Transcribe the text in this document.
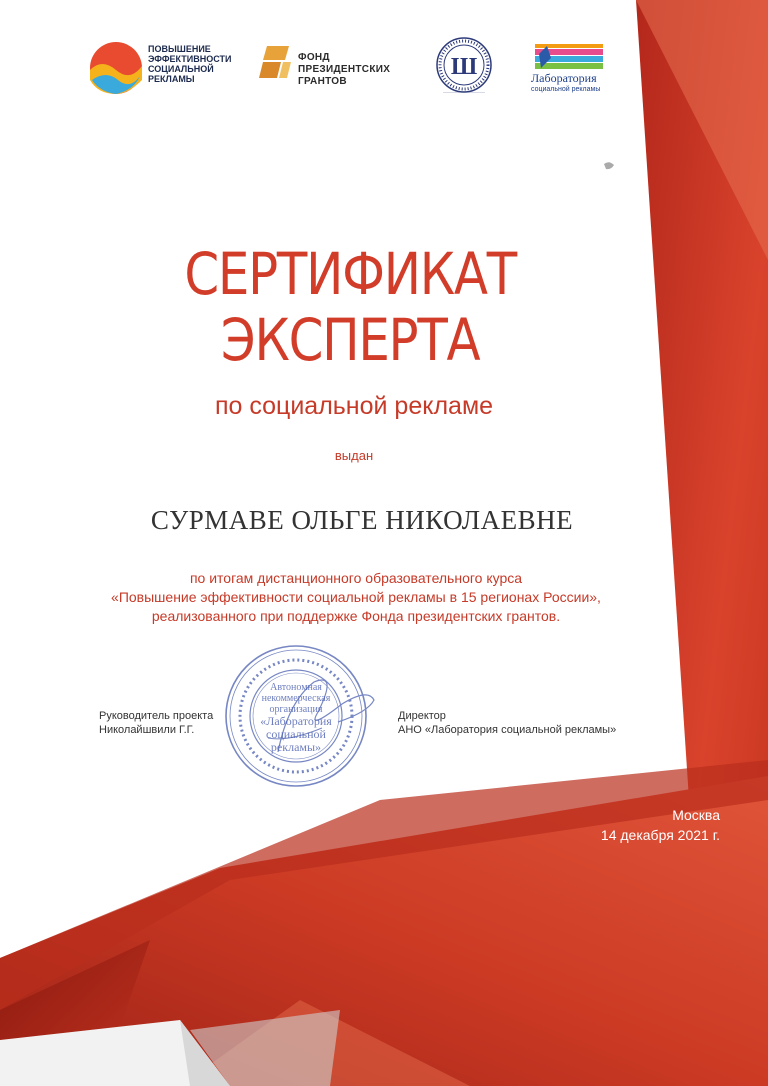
ПОВЫШЕНИЕ
ЭФФЕКТИВНОСТИ
СОЦИАЛЬНОЙ
РЕКЛАМЫ
ФОНД
ПРЕЗИДЕНТСКИХ
ГРАНТОВ
Ш
——————————————
Лаборатория
социальной рекламы
СЕРТИФИКАТ
ЭКСПЕРТА
по социальной рекламе
выдан
СУРМАВЕ ОЛЬГЕ НИКОЛАЕВНЕ
по итогам дистанционного образовательного курса
«Повышение эффективности социальной рекламы в 15 регионах России»,
реализованного при поддержке Фонда президентских грантов.
Автономная
некоммерческая
организация
«Лаборатория
социальной
рекламы»
Руководитель проекта
Николайшвили Г.Г.
Директор
АНО «Лаборатория социальной рекламы»
Москва
14 декабря 2021 г.
